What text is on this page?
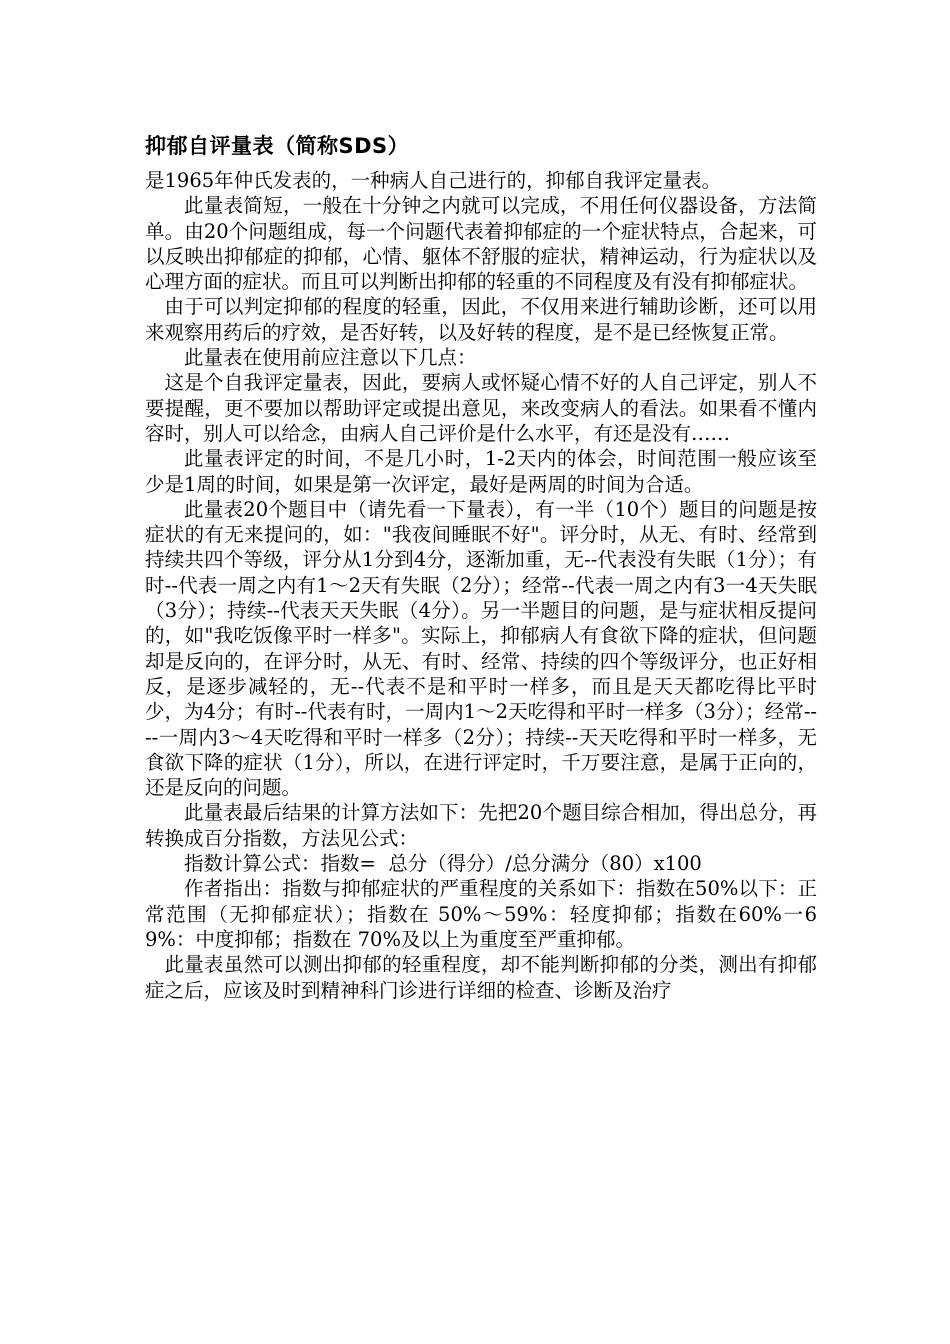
抑郁自评量表（简称SDS）

是1965年仲氏发表的，一种病人自己进行的，抑郁自我评定量表。

此量表简短，一般在十分钟之内就可以完成，不用任何仪器设备，方法简单。由20个问题组成，每一个问题代表着抑郁症的一个症状特点，合起来，可以反映出抑郁症的抑郁，心情、躯体不舒服的症状，精神运动，行为症状以及心理方面的症状。而且可以判断出抑郁的轻重的不同程度及有没有抑郁症状。

由于可以判定抑郁的程度的轻重，因此，不仅用来进行辅助诊断，还可以用来观察用药后的疗效，是否好转，以及好转的程度，是不是已经恢复正常。

此量表在使用前应注意以下几点：

这是个自我评定量表，因此，要病人或怀疑心情不好的人自己评定，别人不要提醒，更不要加以帮助评定或提出意见，来改变病人的看法。如果看不懂内容时，别人可以给念，由病人自己评价是什么水平，有还是没有……

此量表评定的时间，不是几小时，1-2天内的体会，时间范围一般应该至少是1周的时间，如果是第一次评定，最好是两周的时间为合适。

此量表20个题目中（请先看一下量表），有一半（10个）题目的问题是按症状的有无来提问的，如："我夜间睡眠不好"。评分时，从无、有时、经常到持续共四个等级，评分从1分到4分，逐渐加重，无--代表没有失眠（1分）；有时--代表一周之内有1～2天有失眠（2分）；经常--代表一周之内有3一4天失眠（3分）；持续--代表天天失眠（4分）。另一半题目的问题，是与症状相反提问的，如"我吃饭像平时一样多"。实际上，抑郁病人有食欲下降的症状，但问题却是反向的，在评分时，从无、有时、经常、持续的四个等级评分，也正好相反，是逐步减轻的，无--代表不是和平时一样多，而且是天天都吃得比平时少，为4分；有时--代表有时，一周内1～2天吃得和平时一样多（3分）；经常----一周内3～4天吃得和平时一样多（2分）；持续--天天吃得和平时一样多，无食欲下降的症状（1分），所以，在进行评定时，千万要注意，是属于正向的，还是反向的问题。

此量表最后结果的计算方法如下：先把20个题目综合相加，得出总分，再转换成百分指数，方法见公式：

指数计算公式：指数=  总分（得分）/总分满分（80）x100

作者指出：指数与抑郁症状的严重程度的关系如下：指数在50%以下：正常范围（无抑郁症状）；指数在 50%～59%：轻度抑郁；指数在60%一69%：中度抑郁；指数在 70%及以上为重度至严重抑郁。

此量表虽然可以测出抑郁的轻重程度，却不能判断抑郁的分类，测出有抑郁症之后，应该及时到精神科门诊进行详细的检查、诊断及治疗
